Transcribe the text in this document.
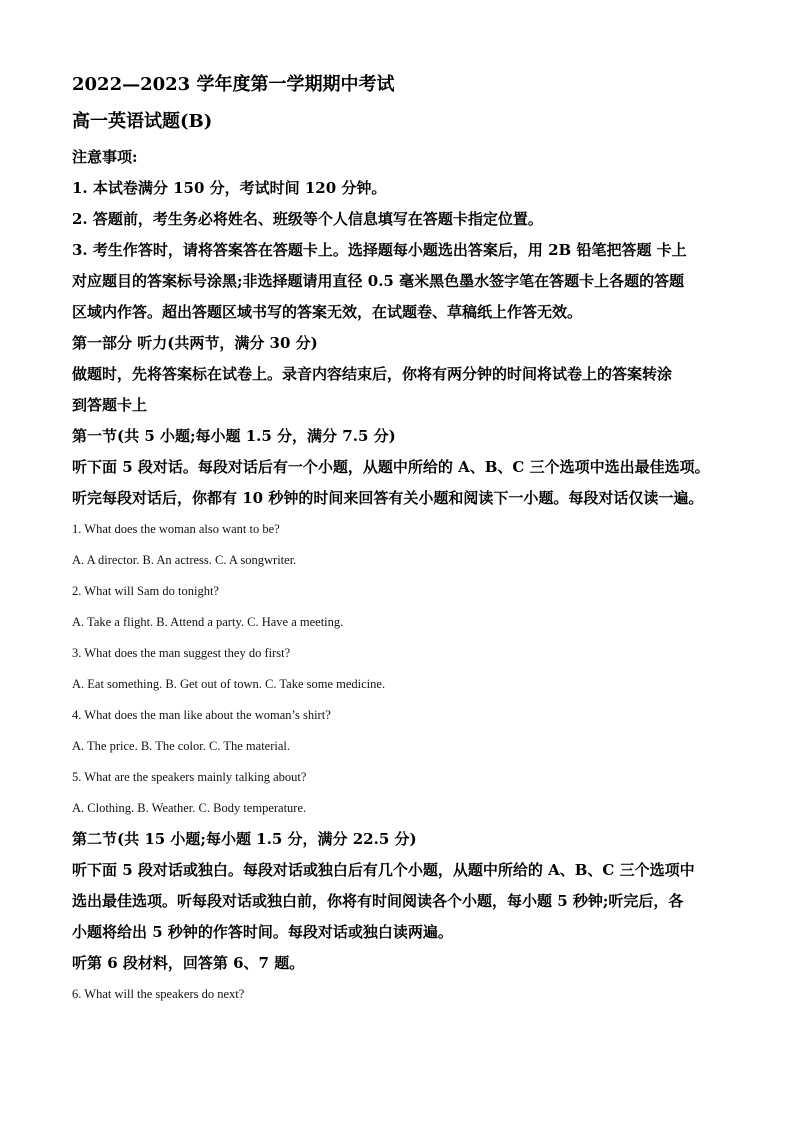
2022—2023 学年度第一学期期中考试

高一英语试题(B)

注意事项:

1. 本试卷满分 150 分，考试时间 120 分钟。

2. 答题前，考生务必将姓名、班级等个人信息填写在答题卡指定位置。

3. 考生作答时，请将答案答在答题卡上。选择题每小题选出答案后，用 2B 铅笔把答题 卡上

对应题目的答案标号涂黑;非选择题请用直径 0.5 毫米黑色墨水签字笔在答题卡上各题的答题

区域内作答。超出答题区域书写的答案无效，在试题卷、草稿纸上作答无效。

第一部分 听力(共两节，满分 30 分)

做题时，先将答案标在试卷上。录音内容结束后，你将有两分钟的时间将试卷上的答案转涂

到答题卡上

第一节(共 5 小题;每小题 1.5 分，满分 7.5 分)

听下面 5 段对话。每段对话后有一个小题，从题中所给的 A、B、C 三个选项中选出最佳选项。

听完每段对话后，你都有 10 秒钟的时间来回答有关小题和阅读下一小题。每段对话仅读一遍。

1. What does the woman also want to be?

A. A director. B. An actress. C. A songwriter.

2. What will Sam do tonight?

A. Take a flight. B. Attend a party. C. Have a meeting.

3. What does the man suggest they do first?

A. Eat something. B. Get out of town. C. Take some medicine.

4. What does the man like about the woman’s shirt?

A. The price. B. The color. C. The material.

5. What are the speakers mainly talking about?

A. Clothing. B. Weather. C. Body temperature.

第二节(共 15 小题;每小题 1.5 分，满分 22.5 分)

听下面 5 段对话或独白。每段对话或独白后有几个小题，从题中所给的 A、B、C 三个选项中

选出最佳选项。听每段对话或独白前，你将有时间阅读各个小题，每小题 5 秒钟;听完后，各

小题将给出 5 秒钟的作答时间。每段对话或独白读两遍。

听第 6 段材料，回答第 6、7 题。

6. What will the speakers do next?
